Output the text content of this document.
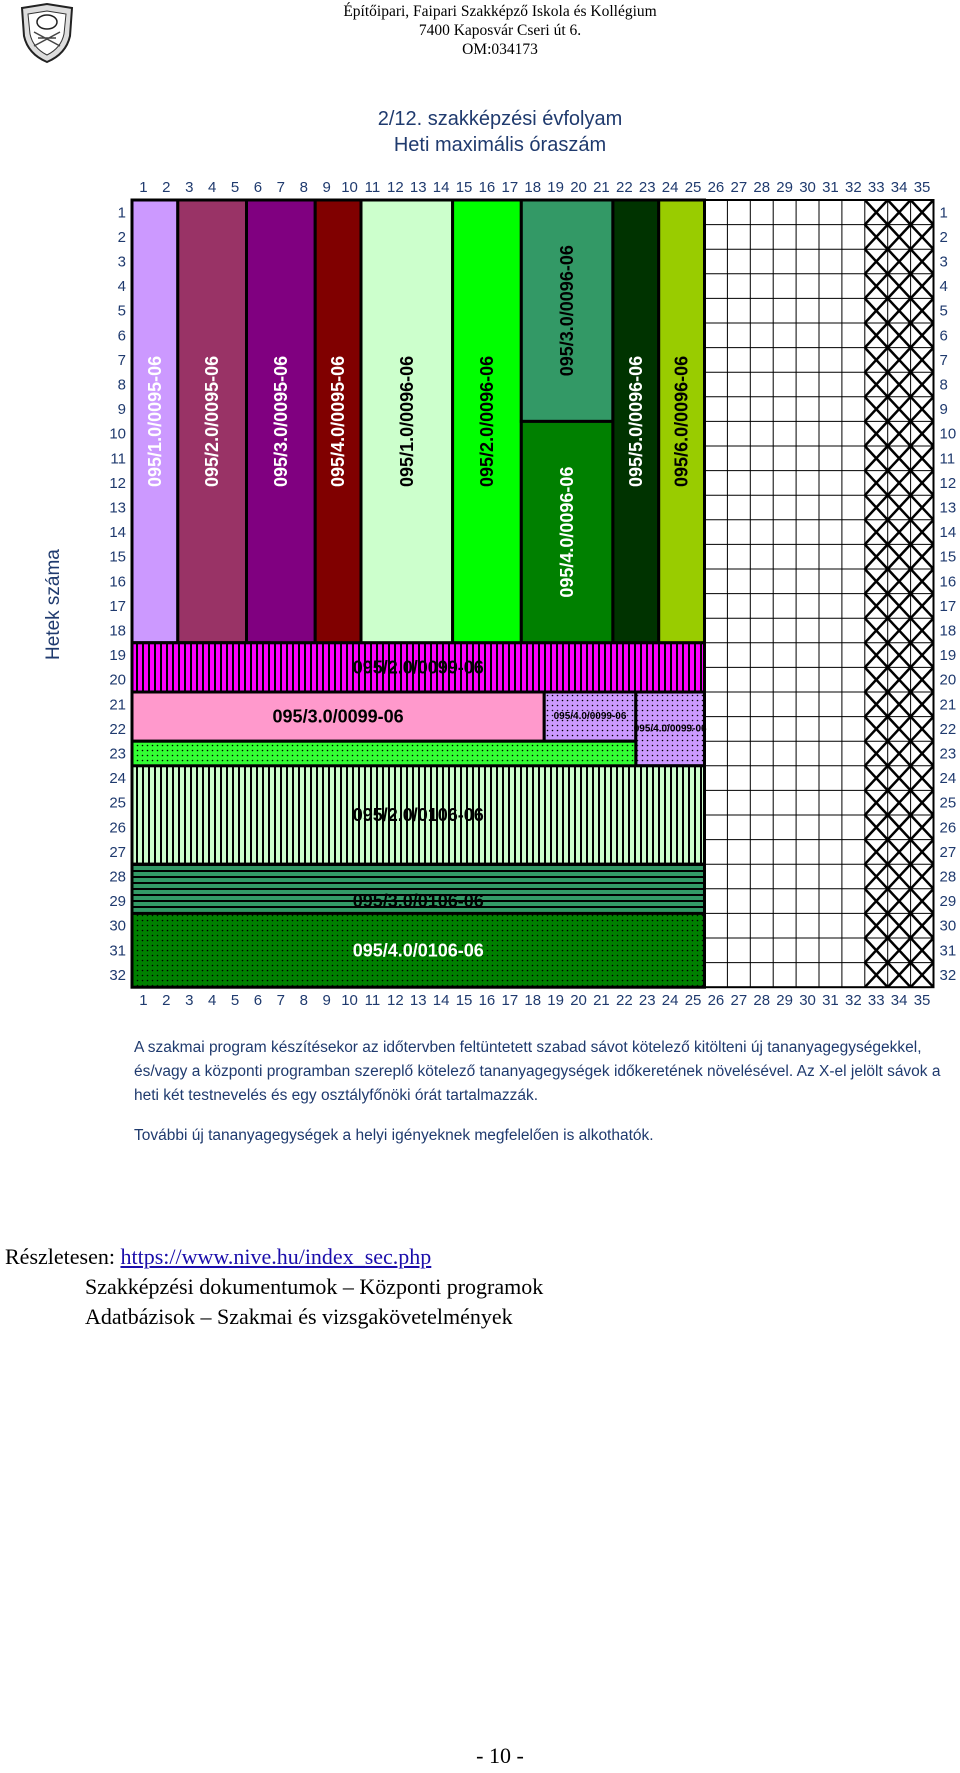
Építőipari, Faipari Szakképző Iskola és Kollégium
7400 Kaposvár Cseri út 6.
OM:034173
2/12. szakképzési évfolyam
Heti maximális óraszám
Hetek száma
095/1.0/0095-06 095/2.0/0095-06	095/3.0/0095-06 095/4.0/0095-06	095/1.0/0096-06	095/2.0/0096-06
095/3.0/0096-06
095/4.0/0096-06
095/5.0/0096-06 095/6.0/0096-06
095/2.0/0099-06
095/3.0/0099-06	095/4.0/0099-06
095/4.0/0099-06
095/2.0/0106-06
095/3.0/0106-06
095/4.0/0106-06
1
1
2
2
3
3
4
4
5
5
6
6
7
7
8
8
9
9
10
10
11
11
12
12
13
13
14
14
15
15
16
16
17
17
18
18
19
19
20
20
21
21
22
22
23
23
24
24
25
25
26
26
27
27
28
28
29
29
30
30
31
31
32
32
33
33
34
34
35
35
1	1
2	2
3	3
4	4
5	5
6	6
7	7
8	8
9	9
10	10
11	11
12	12
13	13
14	14
15	15
16	16
17	17
18	18
19	19
20	20
21	21
22	22
23	23
24	24
25	25
26	26
27	27
28	28
29	29
30	30
31	31
32	32

A szakmai program készítésekor az időtervben feltüntetett szabad sávot kötelező kitölteni új tananyagegységekkel, és/vagy a központi programban szereplő kötelező tananyagegységek időkeretének növelésével. Az X-el jelölt sávok a heti két testnevelés és egy osztályfőnöki órát tartalmazzák.

További új tananyagegységek a helyi igényeknek megfelelően is alkothatók.

Részletesen: https://www.nive.hu/index_sec.php
Szakképzési dokumentumok – Központi programok
Adatbázisok – Szakmai és vizsgakövetelmények
- 10 -
